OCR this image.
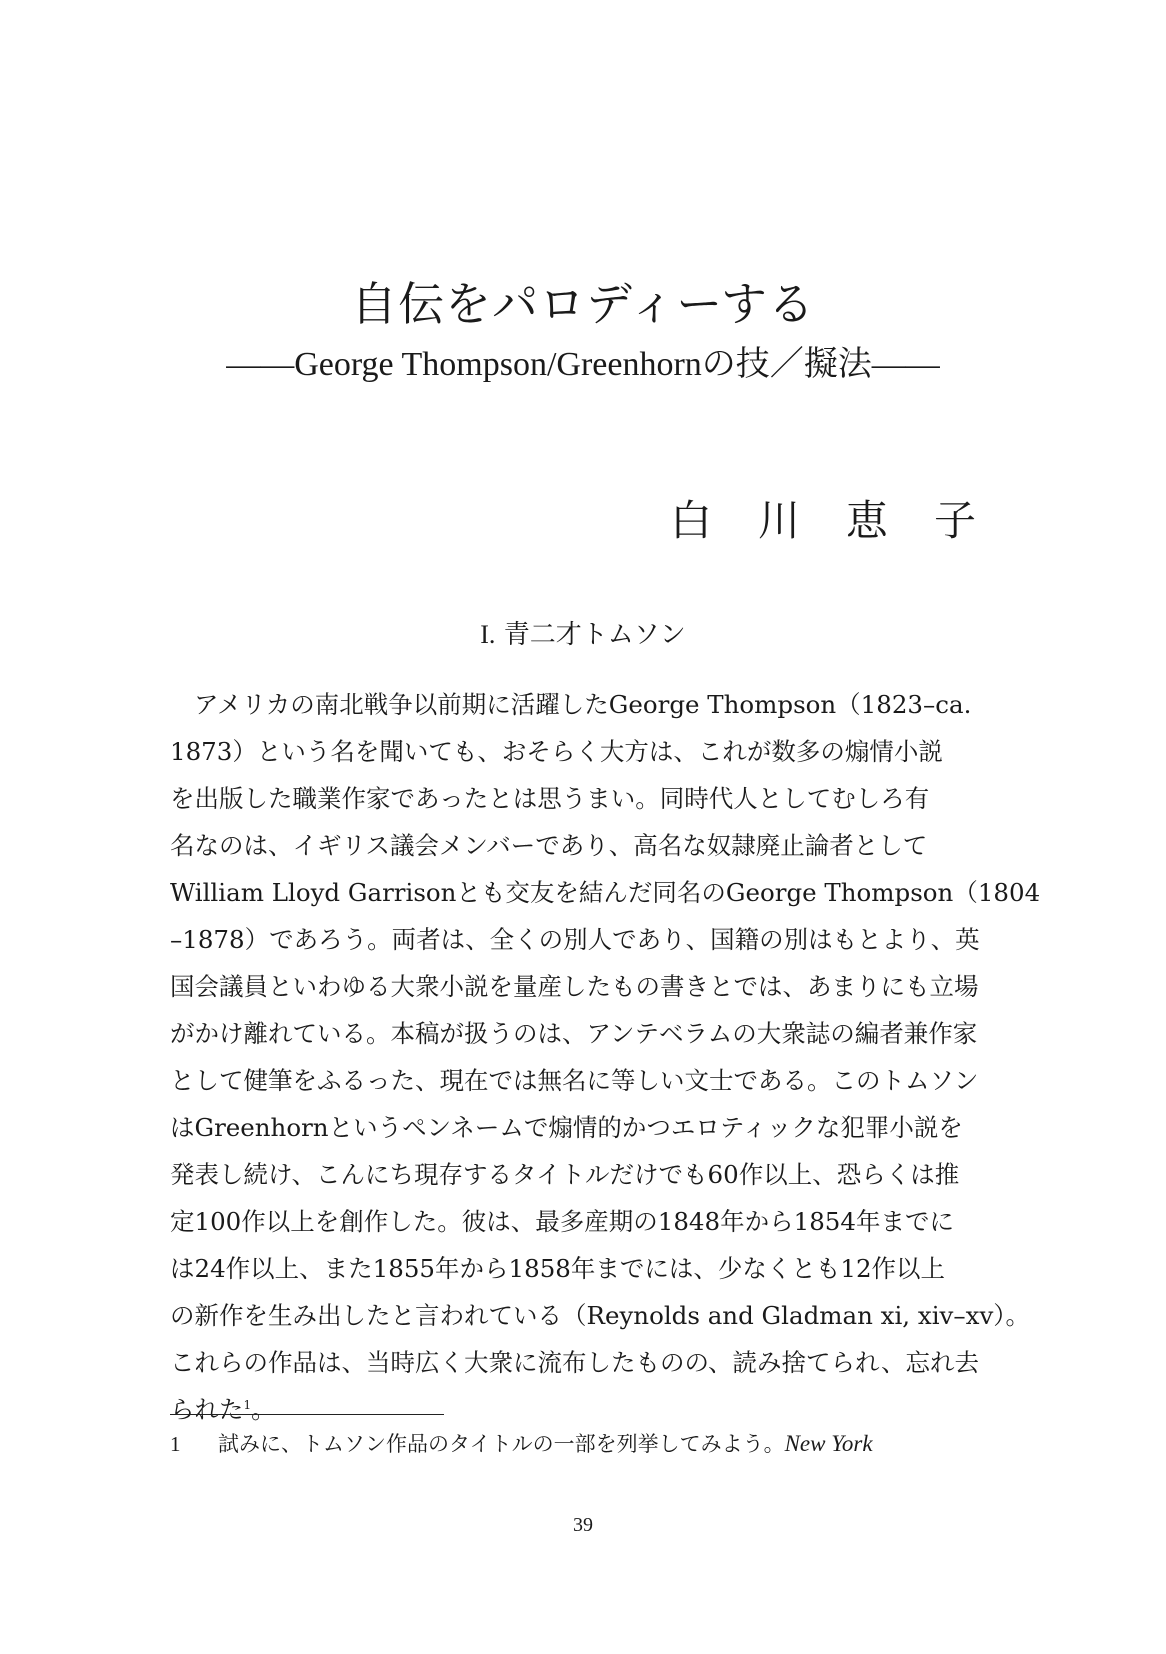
自伝をパロディーする
――George Thompson/Greenhornの技／擬法――
白 川 恵 子
I. 青二才トムソン
アメリカの南北戦争以前期に活躍したGeorge Thompson（1823–ca.
1873）という名を聞いても、おそらく大方は、これが数多の煽情小説
を出版した職業作家であったとは思うまい。同時代人としてむしろ有
名なのは、イギリス議会メンバーであり、高名な奴隷廃止論者として
William Lloyd Garrisonとも交友を結んだ同名のGeorge Thompson（1804
–1878）であろう。両者は、全くの別人であり、国籍の別はもとより、英
国会議員といわゆる大衆小説を量産したもの書きとでは、あまりにも立場
がかけ離れている。本稿が扱うのは、アンテベラムの大衆誌の編者兼作家
として健筆をふるった、現在では無名に等しい文士である。このトムソン
はGreenhornというペンネームで煽情的かつエロティックな犯罪小説を
発表し続け、こんにち現存するタイトルだけでも60作以上、恐らくは推
定100作以上を創作した。彼は、最多産期の1848年から1854年までに
は24作以上、また1855年から1858年までには、少なくとも12作以上
の新作を生み出したと言われている（Reynolds and Gladman xi, xiv–xv）。
これらの作品は、当時広く大衆に流布したものの、読み捨てられ、忘れ去
られた$^1$。
1 試みに、トムソン作品のタイトルの一部を列挙してみよう。New York
39
